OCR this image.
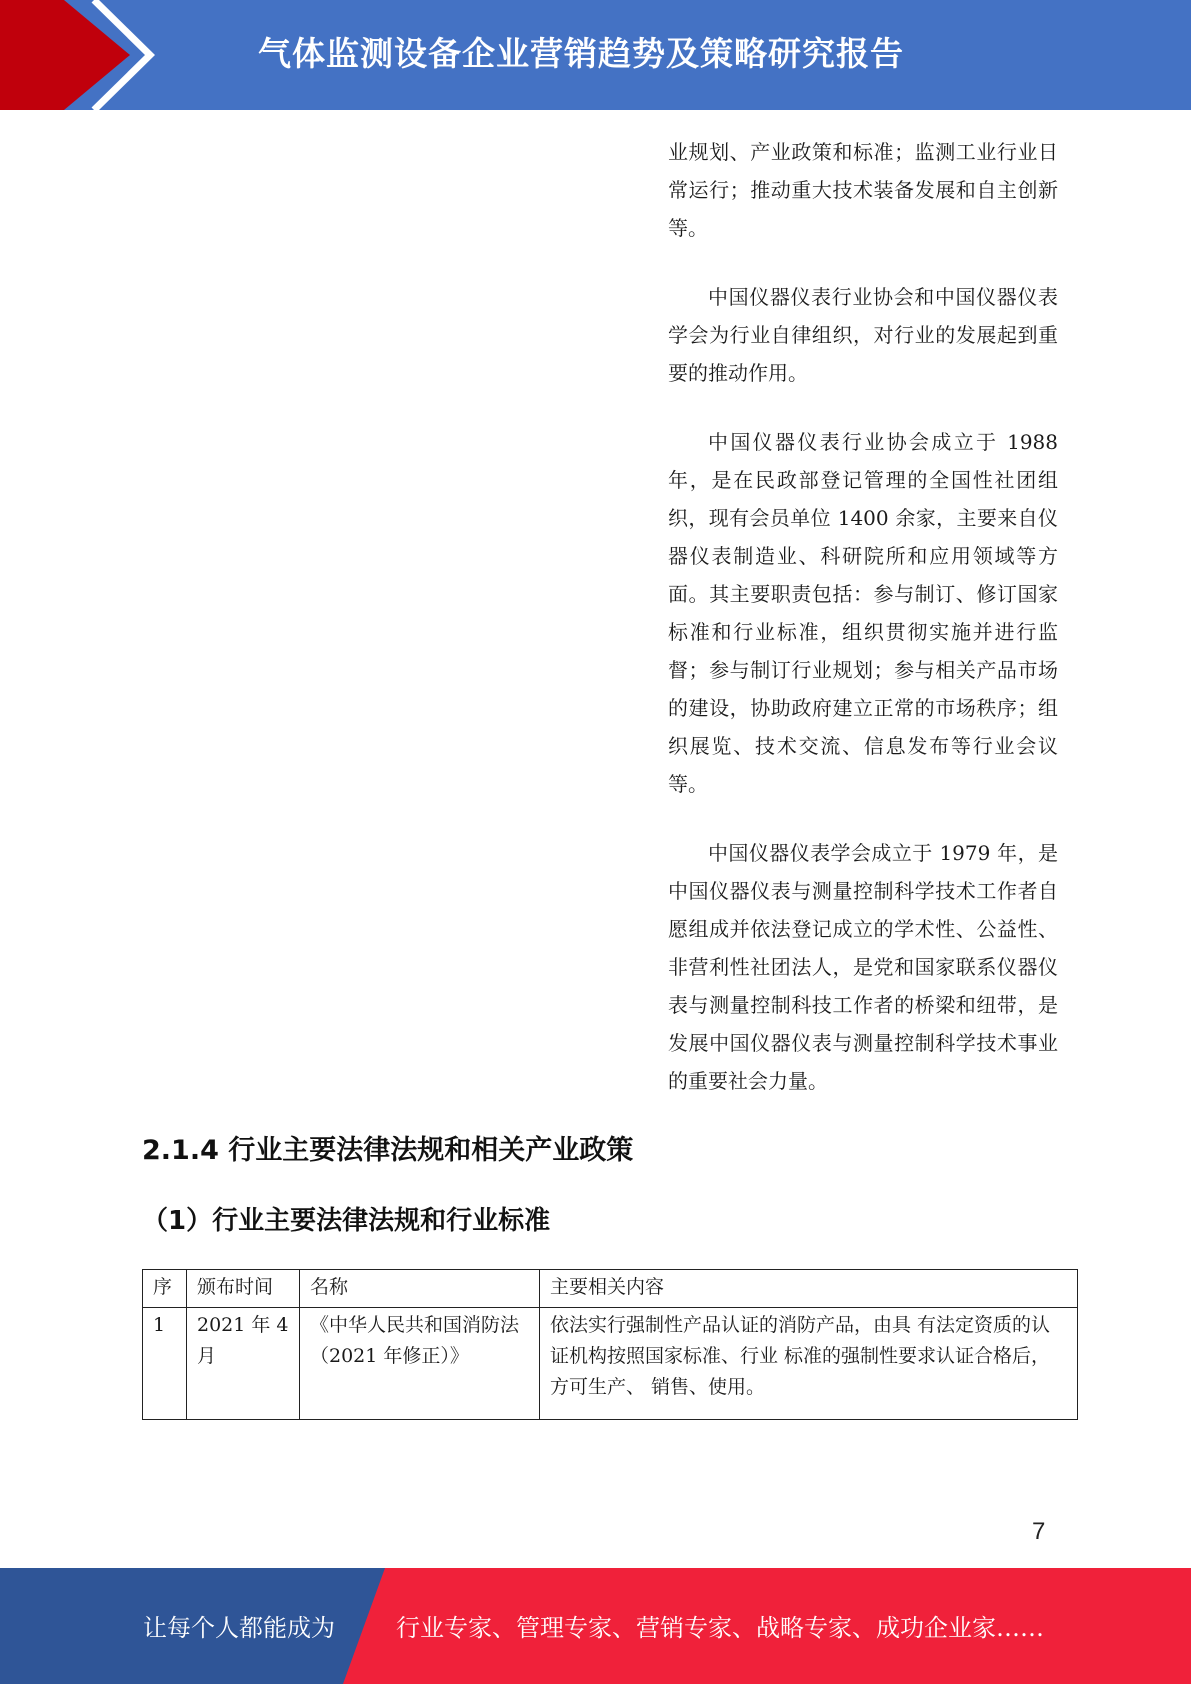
气体监测设备企业营销趋势及策略研究报告

业规划、产业政策和标准；监测工业行业日常运行；推动重大技术装备发展和自主创新等。

中国仪器仪表行业协会和中国仪器仪表学会为行业自律组织，对行业的发展起到重要的推动作用。

中国仪器仪表行业协会成立于 1988 年，是在民政部登记管理的全国性社团组织，现有会员单位 1400 余家，主要来自仪器仪表制造业、科研院所和应用领域等方面。其主要职责包括：参与制订、修订国家标准和行业标准，组织贯彻实施并进行监督；参与制订行业规划；参与相关产品市场的建设，协助政府建立正常的市场秩序；组织展览、技术交流、信息发布等行业会议等。

中国仪器仪表学会成立于 1979 年，是中国仪器仪表与测量控制科学技术工作者自愿组成并依法登记成立的学术性、公益性、非营利性社团法人，是党和国家联系仪器仪表与测量控制科技工作者的桥梁和纽带，是发展中国仪器仪表与测量控制科学技术事业的重要社会力量。

2.1.4 行业主要法律法规和相关产业政策
（1）行业主要法律法规和行业标准
序	颁布时间	名称	主要相关内容
1	2021 年 4 月	《中华人民共和国消防法 （2021 年修正）》	依法实行强制性产品认证的消防产品，由具 有法定资质的认证机构按照国家标准、行业 标准的强制性要求认证合格后，方可生产、 销售、使用。
7
让每个人都能成为	行业专家、管理专家、营销专家、战略专家、成功企业家……
